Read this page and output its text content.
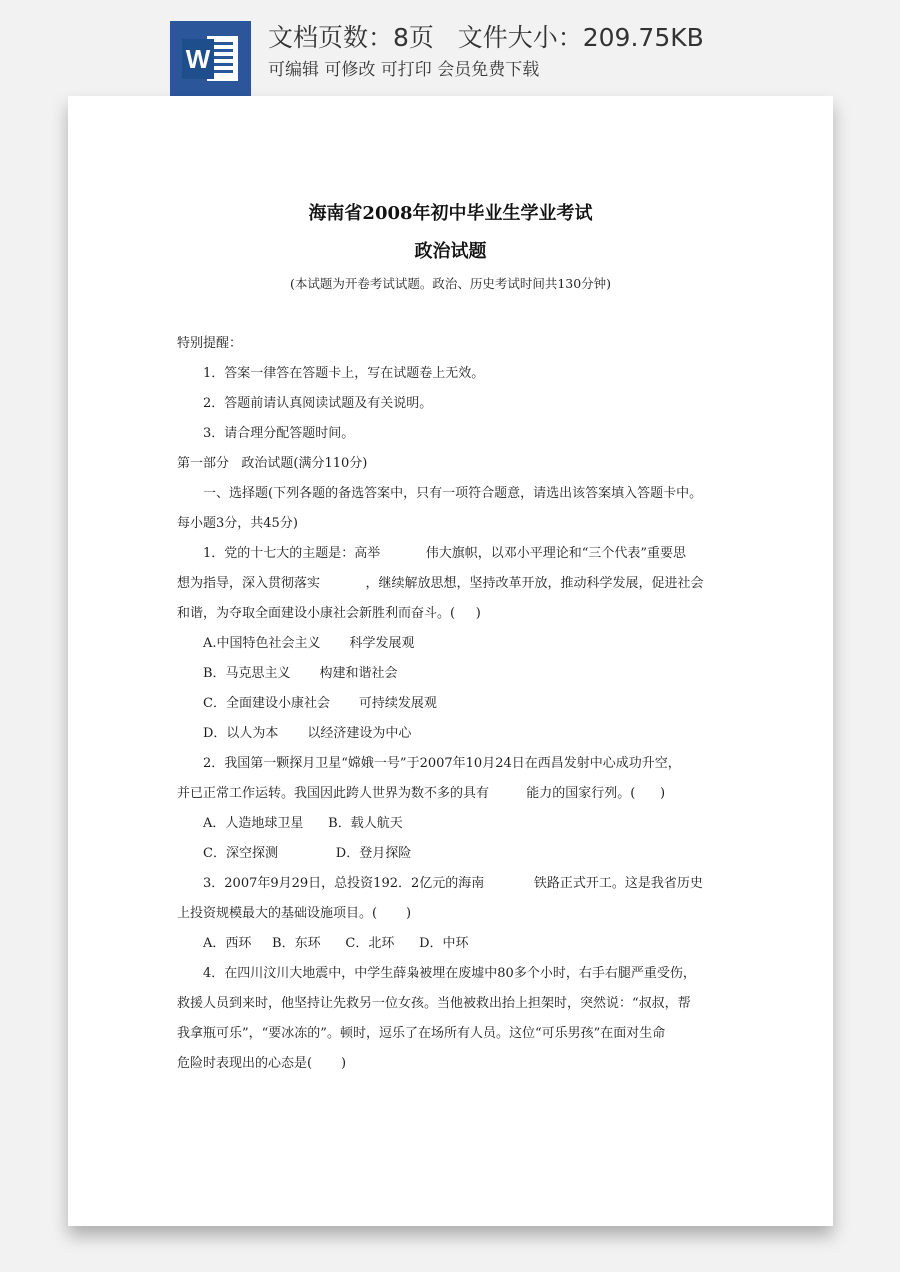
W
文档页数：8页   文件大小：209.75KB
可编辑 可修改 可打印 会员免费下载
海南省2008年初中毕业生学业考试
政治试题
(本试题为开卷考试试题。政治、历史考试时间共130分钟)
特别提醒：
1．答案一律答在答题卡上，写在试题卷上无效。
2．答题前请认真阅读试题及有关说明。
3．请合理分配答题时间。
第一部分   政治试题(满分110分)
一、选择题(下列各题的备选答案中，只有一项符合题意，请选出该答案填入答题卡中。
每小题3分，共45分)
1．党的十七大的主题是：高举           伟大旗帜，以邓小平理论和“三个代表”重要思
想为指导，深入贯彻落实           ，继续解放思想，坚持改革开放，推动科学发展，促进社会
和谐，为夺取全面建设小康社会新胜利而奋斗。(     )
A.中国特色社会主义       科学发展观
B．马克思主义       构建和谐社会
C．全面建设小康社会       可持续发展观
D．以人为本       以经济建设为中心
2．我国第一颗探月卫星“嫦娥一号”于2007年10月24日在西昌发射中心成功升空，
并已正常工作运转。我国因此跨人世界为数不多的具有         能力的国家行列。(      )
A．人造地球卫星      B．载人航天
C．深空探测              D．登月探险
3．2007年9月29日，总投资192．2亿元的海南            铁路正式开工。这是我省历史
上投资规模最大的基础设施项目。(       )
A．西环     B．东环      C．北环      D．中环
4．在四川汶川大地震中，中学生薛枭被埋在废墟中80多个小时，右手右腿严重受伤，
救援人员到来时，他坚持让先救另一位女孩。当他被救出抬上担架时，突然说：“叔叔，帮
我拿瓶可乐”，“要冰冻的”。顿时，逗乐了在场所有人员。这位“可乐男孩”在面对生命
危险时表现出的心态是(       )
